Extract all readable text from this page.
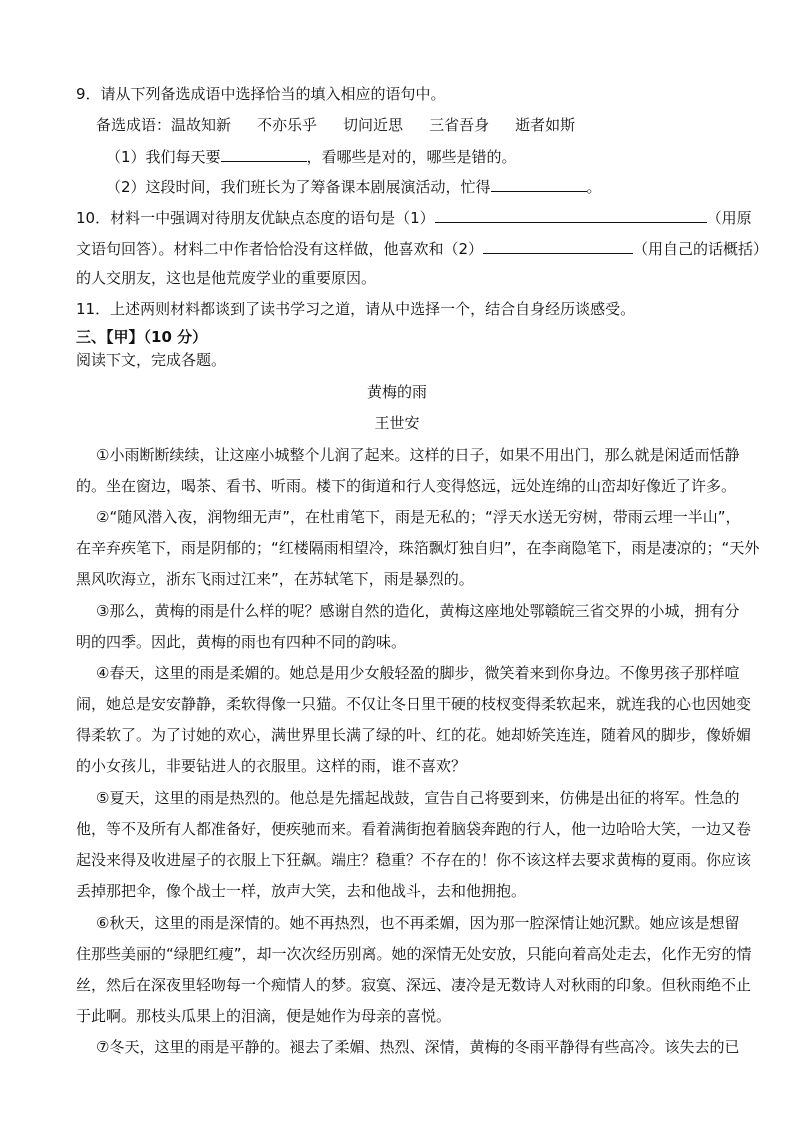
9．请从下列备选成语中选择恰当的填入相应的语句中。
备选成语：温故知新 不亦乐乎 切问近思 三省吾身 逝者如斯
（1）我们每天要	，看哪些是对的，哪些是错的。
（2）这段时间，我们班长为了筹备课本剧展演活动，忙得	。
10．材料一中强调对待朋友优缺点态度的语句是（1）	（用原
文语句回答）。材料二中作者恰恰没有这样做，他喜欢和（2）	（用自己的话概括）
的人交朋友，这也是他荒废学业的重要原因。
11．上述两则材料都谈到了读书学习之道，请从中选择一个，结合自身经历谈感受。
三、【甲】（10 分）
阅读下文，完成各题。
黄梅的雨
王世安
①小雨断断续续，让这座小城整个儿润了起来。这样的日子，如果不用出门，那么就是闲适而恬静
的。坐在窗边，喝茶、看书、听雨。楼下的街道和行人变得悠远，远处连绵的山峦却好像近了许多。
②“随风潜入夜，润物细无声”，在杜甫笔下，雨是无私的；“浮天水送无穷树，带雨云埋一半山”，
在辛弃疾笔下，雨是阴郁的；“红楼隔雨相望冷，珠箔飘灯独自归”，在李商隐笔下，雨是凄凉的；“天外
黑风吹海立，浙东飞雨过江来”，在苏轼笔下，雨是暴烈的。
③那么，黄梅的雨是什么样的呢？感谢自然的造化，黄梅这座地处鄂赣皖三省交界的小城，拥有分
明的四季。因此，黄梅的雨也有四种不同的韵味。
④春天，这里的雨是柔媚的。她总是用少女般轻盈的脚步，微笑着来到你身边。不像男孩子那样喧
闹，她总是安安静静，柔软得像一只猫。不仅让冬日里干硬的枝杈变得柔软起来，就连我的心也因她变
得柔软了。为了讨她的欢心，满世界里长满了绿的叶、红的花。她却娇笑连连，随着风的脚步，像娇媚
的小女孩儿，非要钻进人的衣服里。这样的雨，谁不喜欢？
⑤夏天，这里的雨是热烈的。他总是先擂起战鼓，宣告自己将要到来，仿佛是出征的将军。性急的
他，等不及所有人都准备好，便疾驰而来。看着满街抱着脑袋奔跑的行人，他一边哈哈大笑，一边又卷
起没来得及收进屋子的衣服上下狂飙。端庄？稳重？不存在的！你不该这样去要求黄梅的夏雨。你应该
丢掉那把伞，像个战士一样，放声大笑，去和他战斗，去和他拥抱。
⑥秋天，这里的雨是深情的。她不再热烈，也不再柔媚，因为那一腔深情让她沉默。她应该是想留
住那些美丽的“绿肥红瘦”，却一次次经历别离。她的深情无处安放，只能向着高处走去，化作无穷的情
丝，然后在深夜里轻吻每一个痴情人的梦。寂寞、深远、凄冷是无数诗人对秋雨的印象。但秋雨绝不止
于此啊。那枝头瓜果上的泪滴，便是她作为母亲的喜悦。
⑦冬天，这里的雨是平静的。褪去了柔媚、热烈、深情，黄梅的冬雨平静得有些高冷。该失去的已
